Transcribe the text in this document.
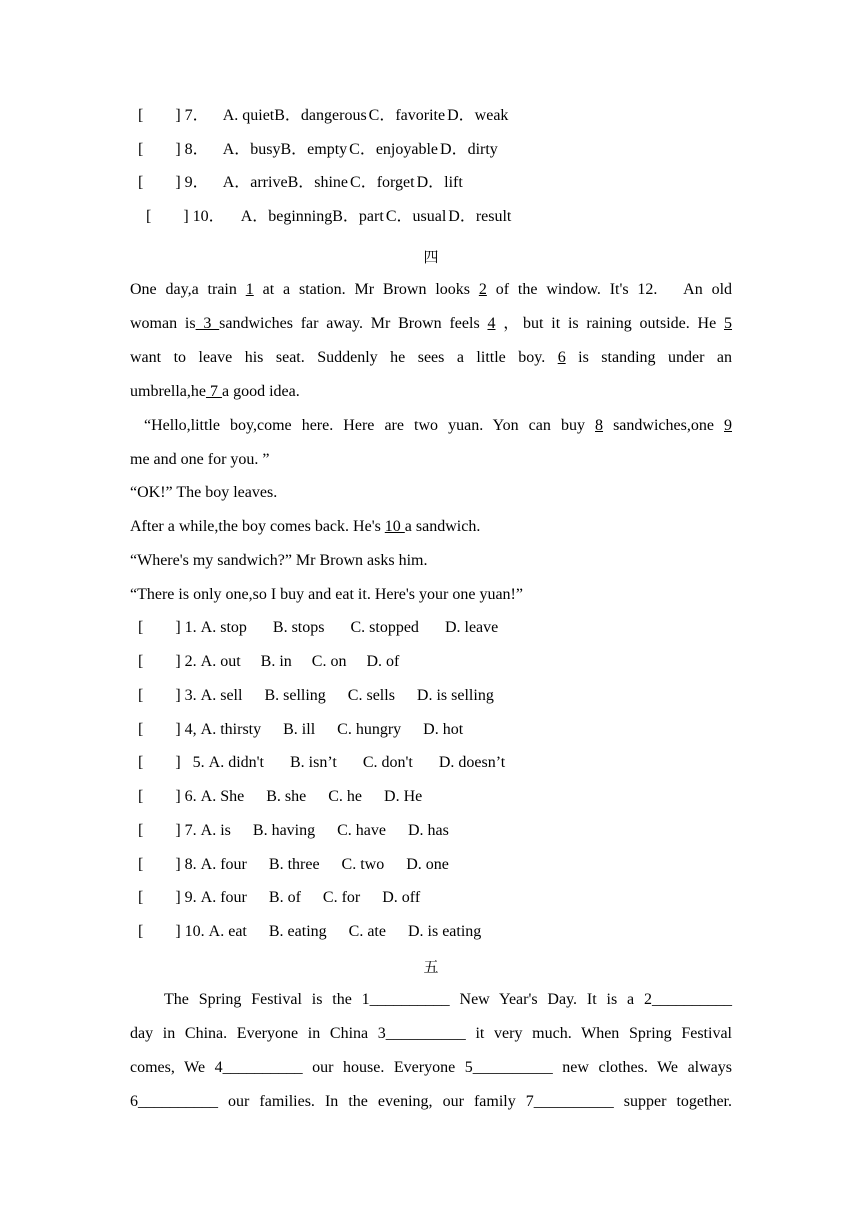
[　　] 7． A. quietB．dangerous C．favorite D．weak
[　　] 8． A．busyB．empty C．enjoyable D．dirty
[　　] 9． A．arriveB．shine C．forget D．lift
[　　] 10． A．beginningB．part C．usual D．result
四
One day,a train 1 at a station. Mr Brown looks 2 of the window. It's 12.　An old
woman is 3 sandwiches far away. Mr Brown feels 4 ，but it is raining outside. He 5
want to leave his seat. Suddenly he sees a little boy. 6 is standing under an
umbrella,he 7 a good idea.
“Hello,little boy,come here. Here are two yuan. Yon can buy 8 sandwiches,one 9
me and one for you. ”
“OK!” The boy leaves.
After a while,the boy comes back. He's 10 a sandwich.
“Where's my sandwich?” Mr Brown asks him.
“There is only one,so I buy and eat it. Here's your one yuan!”
[　　] 1. A. stop B. stops C. stopped D. leave
[　　] 2. A. out B. in C. on D. of
[　　] 3. A. sell B. selling C. sells D. is selling
[　　] 4, A. thirsty B. ill C. hungry D. hot
[　　] 5. A. didn't B. isn’t C. don't D. doesn’t
[　　] 6. A. She B. she C. he D. He
[　　] 7. A. is B. having C. have D. has
[　　] 8. A. four B. three C. two D. one
[　　] 9. A. four B. of C. for D. off
[　　] 10. A. eat B. eating C. ate D. is eating
五
The Spring Festival is the 1__________ New Year's Day. It is a 2__________
day in China. Everyone in China 3__________ it very much. When Spring Festival
comes, We 4__________ our house. Everyone 5__________ new clothes. We always
6__________ our families. In the evening, our family 7__________ supper together.
